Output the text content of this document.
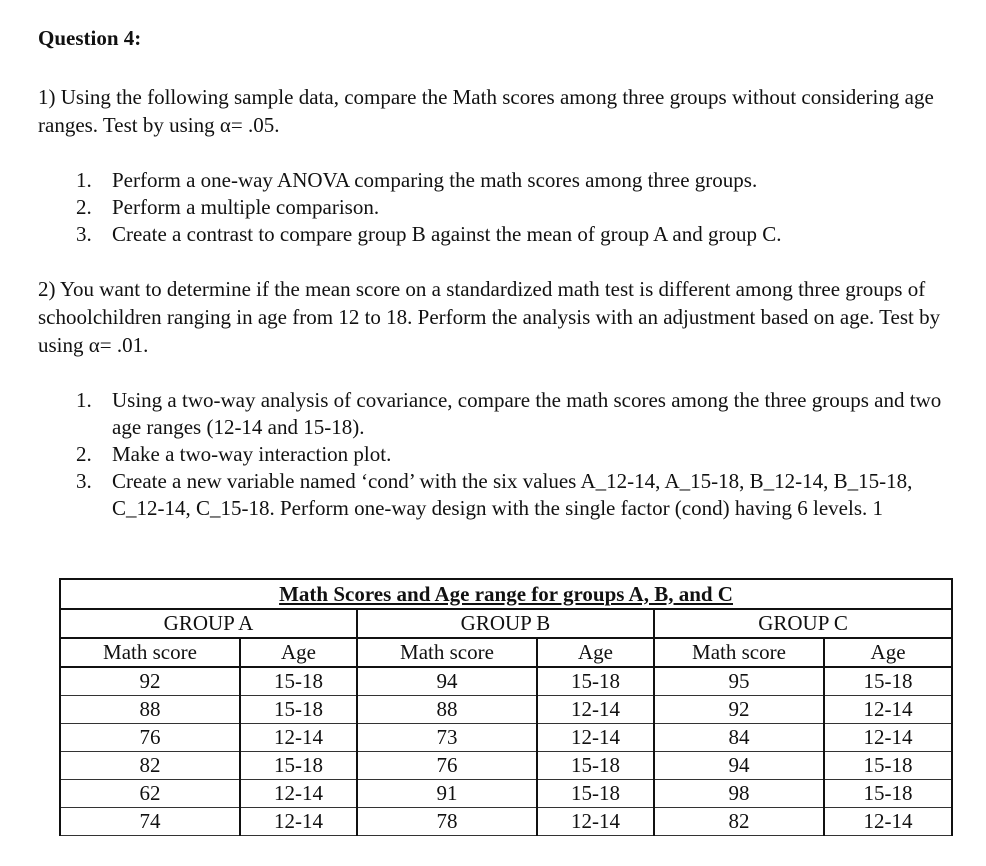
Question 4:

1) Using the following sample data, compare the Math scores among three groups without considering age ranges. Test by using α= .05.

1. Perform a one-way ANOVA comparing the math scores among three groups.
2. Perform a multiple comparison.
3. Create a contrast to compare group B against the mean of group A and group C.

2) You want to determine if the mean score on a standardized math test is different among three groups of schoolchildren ranging in age from 12 to 18. Perform the analysis with an adjustment based on age. Test by using α= .01.

1. Using a two-way analysis of covariance, compare the math scores among the three groups and two age ranges (12-14 and 15-18).
2. Make a two-way interaction plot.
3. Create a new variable named ‘cond’ with the six values A_12-14, A_15-18, B_12-14, B_15-18, C_12-14, C_15-18. Perform one-way design with the single factor (cond) having 6 levels. 1
Math Scores and Age range for groups A, B, and C					
GROUP A		GROUP B		GROUP C	
Math score	Age	Math score	Age	Math score	Age
92	15-18	94	15-18	95	15-18
88	15-18	88	12-14	92	12-14
76	12-14	73	12-14	84	12-14
82	15-18	76	15-18	94	15-18
62	12-14	91	15-18	98	15-18
74	12-14	78	12-14	82	12-14
